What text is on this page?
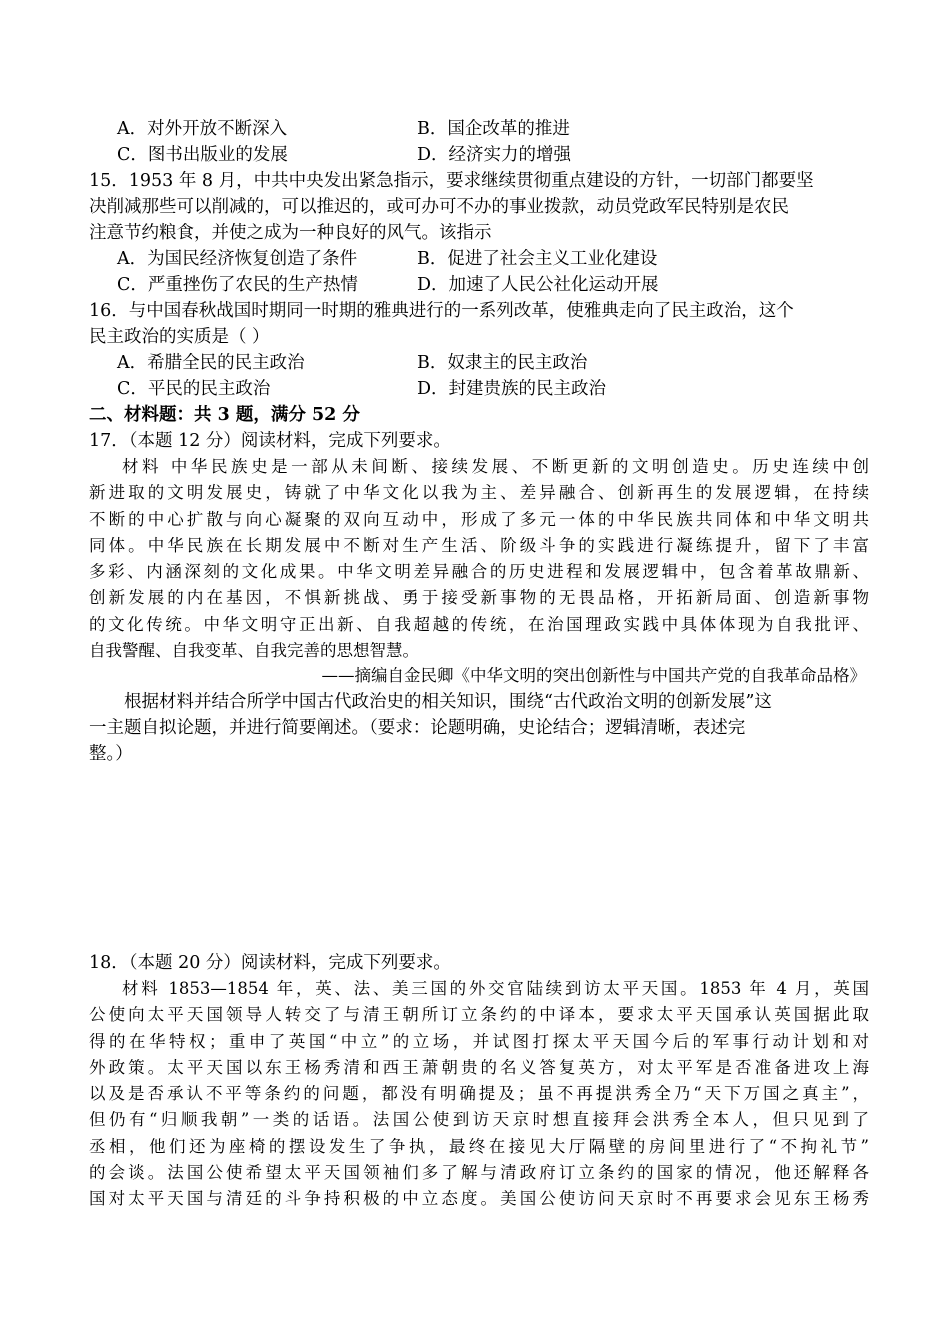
A．对外开放不断深入	B．国企改革的推进
C．图书出版业的发展	D．经济实力的增强
15．1953 年 8 月，中共中央发出紧急指示，要求继续贯彻重点建设的方针，一切部门都要坚
决削减那些可以削减的，可以推迟的，或可办可不办的事业拨款，动员党政军民特别是农民
注意节约粮食，并使之成为一种良好的风气。该指示
A．为国民经济恢复创造了条件	B．促进了社会主义工业化建设
C．严重挫伤了农民的生产热情	D．加速了人民公社化运动开展
16．与中国春秋战国时期同一时期的雅典进行的一系列改革，使雅典走向了民主政治，这个
民主政治的实质是（ ）
A．希腊全民的民主政治	B．奴隶主的民主政治
C．平民的民主政治	D．封建贵族的民主政治
二、材料题：共 3 题，满分 52 分
17．（本题 12 分）阅读材料，完成下列要求。

材料 中华民族史是一部从未间断、接续发展、不断更新的文明创造史。历史连续中创

新进取的文明发展史，铸就了中华文化以我为主、差异融合、创新再生的发展逻辑，在持续

不断的中心扩散与向心凝聚的双向互动中，形成了多元一体的中华民族共同体和中华文明共

同体。中华民族在长期发展中不断对生产生活、阶级斗争的实践进行凝练提升，留下了丰富

多彩、内涵深刻的文化成果。中华文明差异融合的历史进程和发展逻辑中，包含着革故鼎新、

创新发展的内在基因，不惧新挑战、勇于接受新事物的无畏品格，开拓新局面、创造新事物

的文化传统。中华文明守正出新、自我超越的传统，在治国理政实践中具体体现为自我批评、

自我警醒、自我变革、自我完善的思想智慧。

——摘编自金民卿《中华文明的突出创新性与中国共产党的自我革命品格》

根据材料并结合所学中国古代政治史的相关知识，围绕“古代政治文明的创新发展”这

一主题自拟论题，并进行简要阐述。（要求：论题明确，史论结合；逻辑清晰，表述完

整。）

18．（本题 20 分）阅读材料，完成下列要求。

材料 1853—1854 年，英、法、美三国的外交官陆续到访太平天国。1853 年 4 月，英国

公使向太平天国领导人转交了与清王朝所订立条约的中译本，要求太平天国承认英国据此取

得的在华特权；重申了英国“中立”的立场，并试图打探太平天国今后的军事行动计划和对

外政策。太平天国以东王杨秀清和西王萧朝贵的名义答复英方，对太平军是否准备进攻上海

以及是否承认不平等条约的问题，都没有明确提及；虽不再提洪秀全乃“天下万国之真主”，

但仍有“归顺我朝”一类的话语。法国公使到访天京时想直接拜会洪秀全本人，但只见到了

丞相，他们还为座椅的摆设发生了争执，最终在接见大厅隔壁的房间里进行了“不拘礼节”

的会谈。法国公使希望太平天国领袖们多了解与清政府订立条约的国家的情况，他还解释各

国对太平天国与清廷的斗争持积极的中立态度。美国公使访问天京时不再要求会见东王杨秀
